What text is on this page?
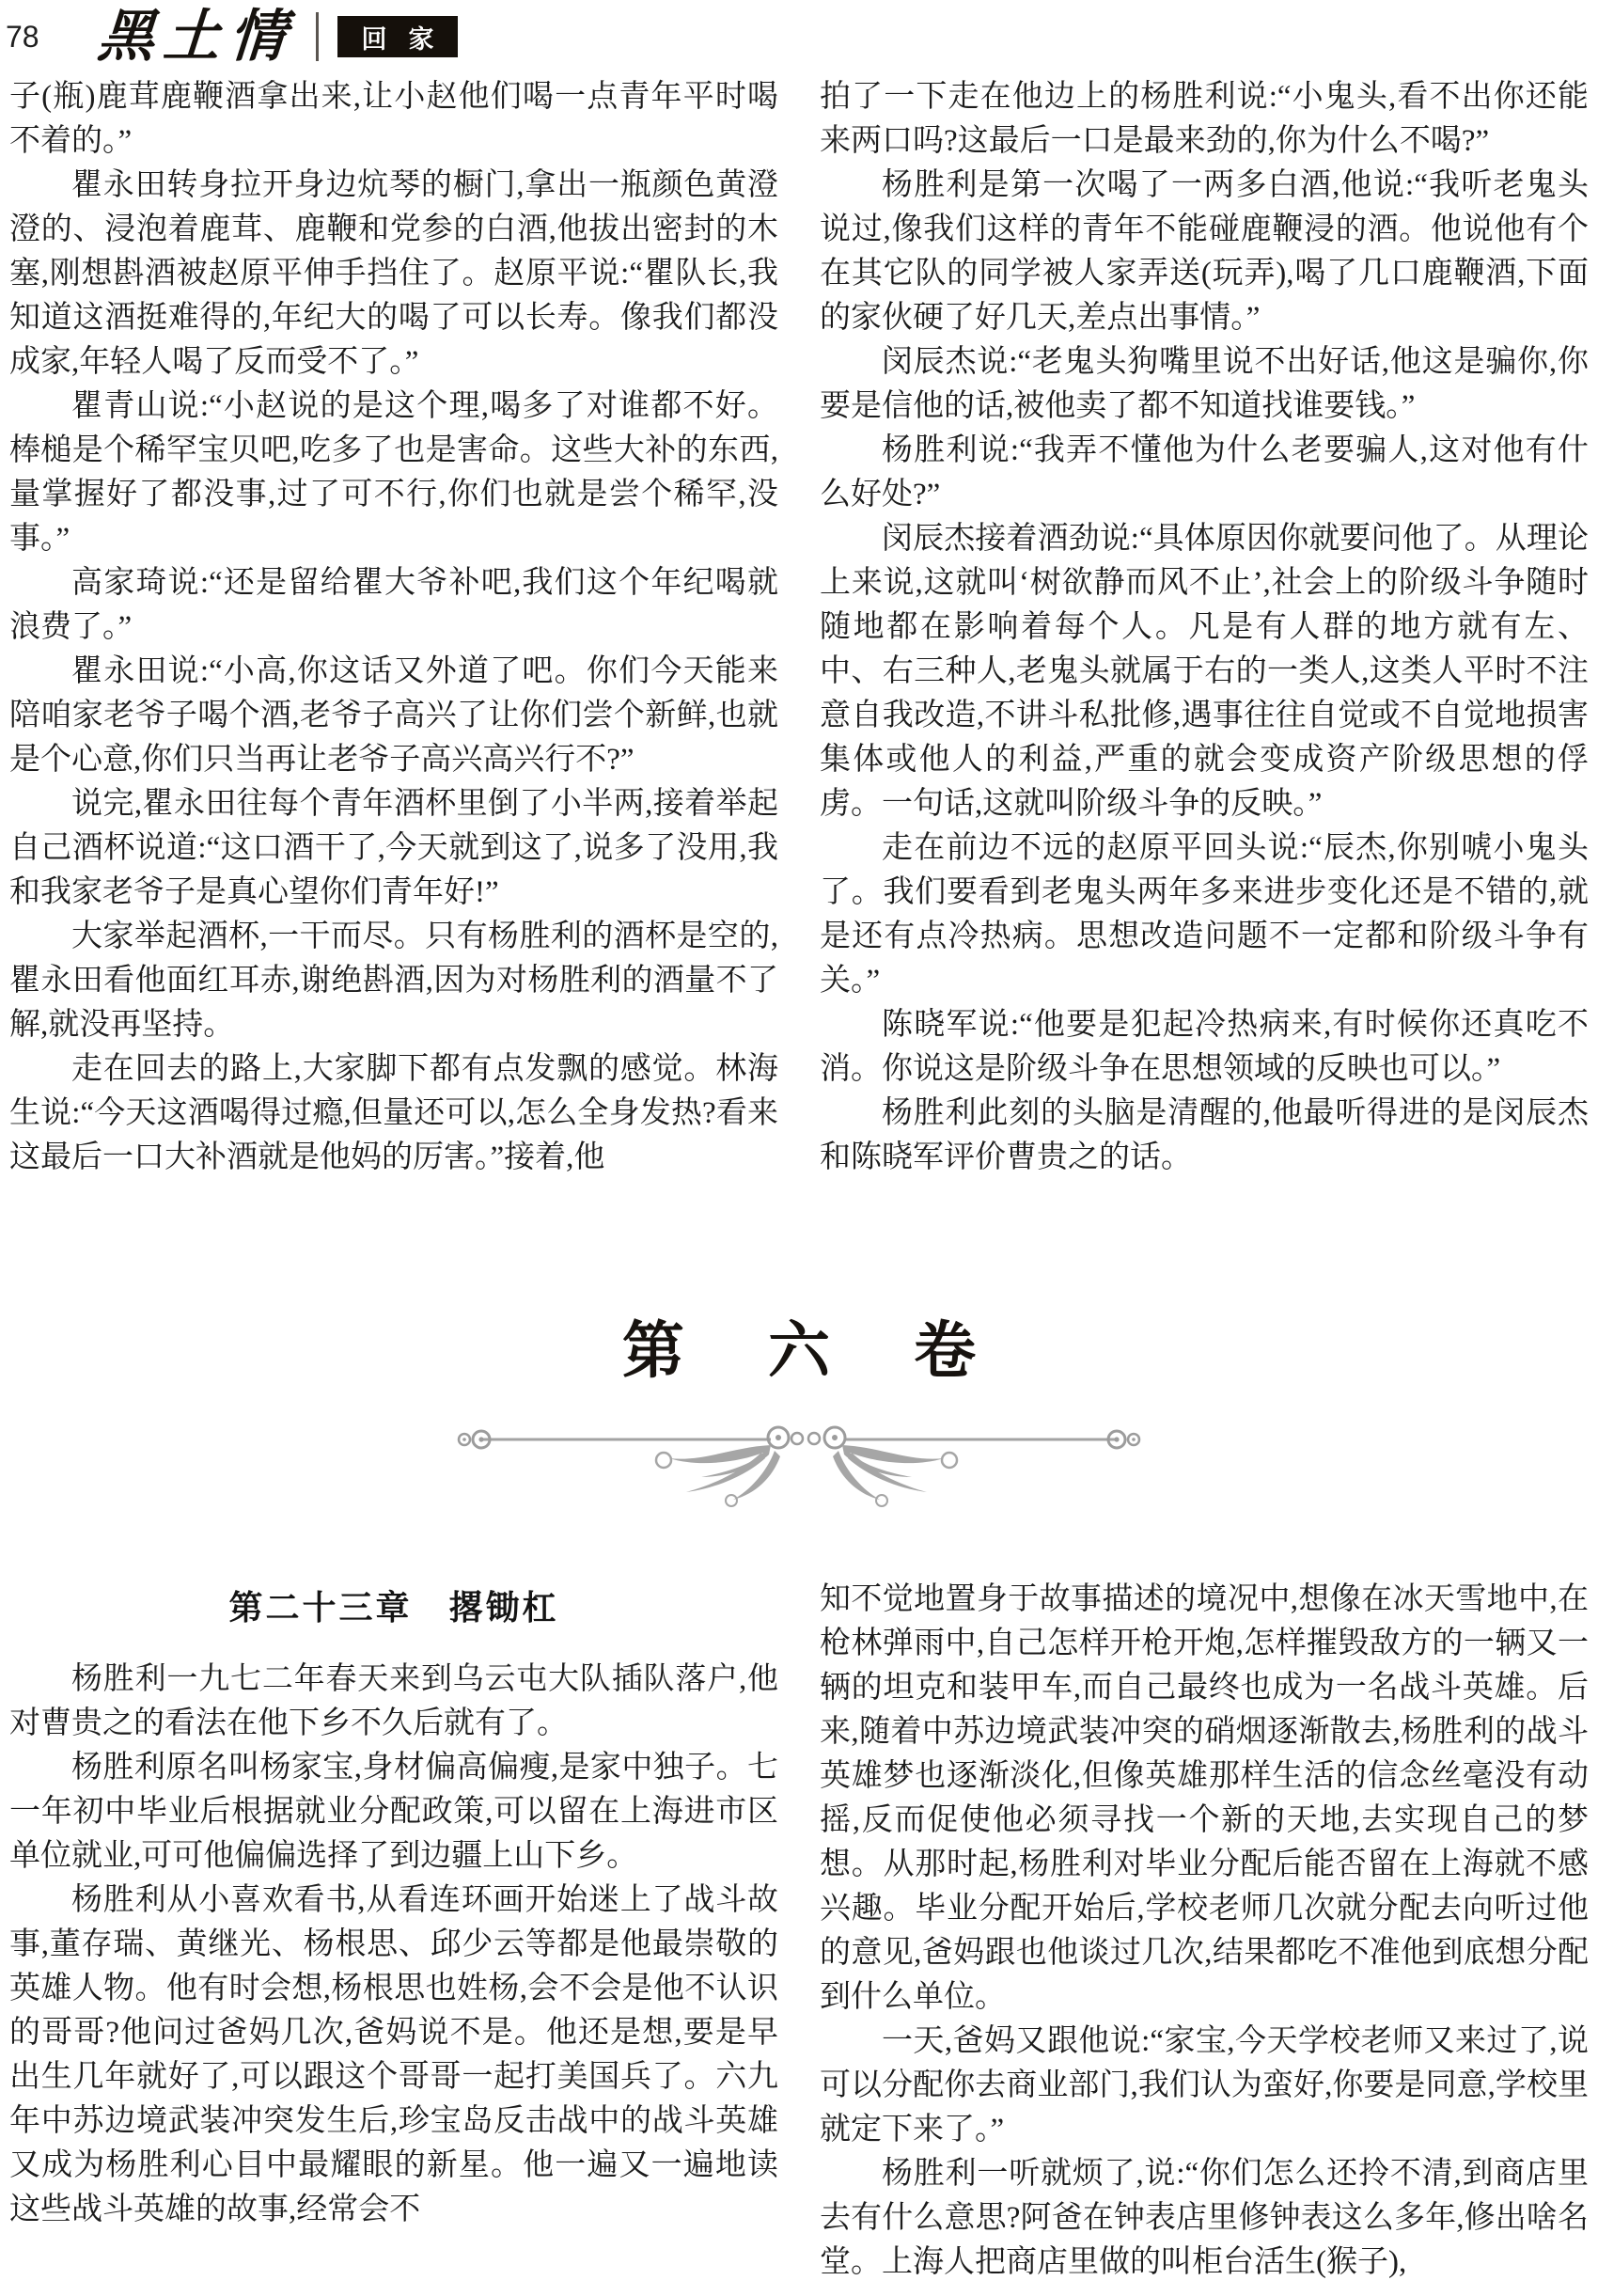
78 黑土情	回家

子(瓶)鹿茸鹿鞭酒拿出来,让小赵他们喝一点青年平时喝不着的。”

瞿永田转身拉开身边炕琴的橱门,拿出一瓶颜色黄澄澄的、浸泡着鹿茸、鹿鞭和党参的白酒,他拔出密封的木塞,刚想斟酒被赵原平伸手挡住了。赵原平说:“瞿队长,我知道这酒挺难得的,年纪大的喝了可以长寿。像我们都没成家,年轻人喝了反而受不了。”

瞿青山说:“小赵说的是这个理,喝多了对谁都不好。棒槌是个稀罕宝贝吧,吃多了也是害命。这些大补的东西,量掌握好了都没事,过了可不行,你们也就是尝个稀罕,没事。”

高家琦说:“还是留给瞿大爷补吧,我们这个年纪喝就浪费了。”

瞿永田说:“小高,你这话又外道了吧。你们今天能来陪咱家老爷子喝个酒,老爷子高兴了让你们尝个新鲜,也就是个心意,你们只当再让老爷子高兴高兴行不?”

说完,瞿永田往每个青年酒杯里倒了小半两,接着举起自己酒杯说道:“这口酒干了,今天就到这了,说多了没用,我和我家老爷子是真心望你们青年好!”

大家举起酒杯,一干而尽。只有杨胜利的酒杯是空的,瞿永田看他面红耳赤,谢绝斟酒,因为对杨胜利的酒量不了解,就没再坚持。

走在回去的路上,大家脚下都有点发飘的感觉。林海生说:“今天这酒喝得过瘾,但量还可以,怎么全身发热?看来这最后一口大补酒就是他妈的厉害。”接着,他

拍了一下走在他边上的杨胜利说:“小鬼头,看不出你还能来两口吗?这最后一口是最来劲的,你为什么不喝?”

杨胜利是第一次喝了一两多白酒,他说:“我听老鬼头说过,像我们这样的青年不能碰鹿鞭浸的酒。他说他有个在其它队的同学被人家弄送(玩弄),喝了几口鹿鞭酒,下面的家伙硬了好几天,差点出事情。”

闵辰杰说:“老鬼头狗嘴里说不出好话,他这是骗你,你要是信他的话,被他卖了都不知道找谁要钱。”

杨胜利说:“我弄不懂他为什么老要骗人,这对他有什么好处?”

闵辰杰接着酒劲说:“具体原因你就要问他了。从理论上来说,这就叫‘树欲静而风不止’,社会上的阶级斗争随时随地都在影响着每个人。凡是有人群的地方就有左、中、右三种人,老鬼头就属于右的一类人,这类人平时不注意自我改造,不讲斗私批修,遇事往往自觉或不自觉地损害集体或他人的利益,严重的就会变成资产阶级思想的俘虏。一句话,这就叫阶级斗争的反映。”

走在前边不远的赵原平回头说:“辰杰,你别唬小鬼头了。我们要看到老鬼头两年多来进步变化还是不错的,就是还有点冷热病。思想改造问题不一定都和阶级斗争有关。”

陈晓军说:“他要是犯起冷热病来,有时候你还真吃不消。你说这是阶级斗争在思想领域的反映也可以。”

杨胜利此刻的头脑是清醒的,他最听得进的是闵辰杰和陈晓军评价曹贵之的话。

第 六 卷
第二十三章　撂锄杠

杨胜利一九七二年春天来到乌云屯大队插队落户,他对曹贵之的看法在他下乡不久后就有了。

杨胜利原名叫杨家宝,身材偏高偏瘦,是家中独子。七一年初中毕业后根据就业分配政策,可以留在上海进市区单位就业,可可他偏偏选择了到边疆上山下乡。

杨胜利从小喜欢看书,从看连环画开始迷上了战斗故事,董存瑞、黄继光、杨根思、邱少云等都是他最崇敬的英雄人物。他有时会想,杨根思也姓杨,会不会是他不认识的哥哥?他问过爸妈几次,爸妈说不是。他还是想,要是早出生几年就好了,可以跟这个哥哥一起打美国兵了。六九年中苏边境武装冲突发生后,珍宝岛反击战中的战斗英雄又成为杨胜利心目中最耀眼的新星。他一遍又一遍地读这些战斗英雄的故事,经常会不

知不觉地置身于故事描述的境况中,想像在冰天雪地中,在枪林弹雨中,自己怎样开枪开炮,怎样摧毁敌方的一辆又一辆的坦克和装甲车,而自己最终也成为一名战斗英雄。后来,随着中苏边境武装冲突的硝烟逐渐散去,杨胜利的战斗英雄梦也逐渐淡化,但像英雄那样生活的信念丝毫没有动摇,反而促使他必须寻找一个新的天地,去实现自己的梦想。从那时起,杨胜利对毕业分配后能否留在上海就不感兴趣。毕业分配开始后,学校老师几次就分配去向听过他的意见,爸妈跟也他谈过几次,结果都吃不准他到底想分配到什么单位。

一天,爸妈又跟他说:“家宝,今天学校老师又来过了,说可以分配你去商业部门,我们认为蛮好,你要是同意,学校里就定下来了。”

杨胜利一听就烦了,说:“你们怎么还拎不清,到商店里去有什么意思?阿爸在钟表店里修钟表这么多年,修出啥名堂。上海人把商店里做的叫柜台活生(猴子),
